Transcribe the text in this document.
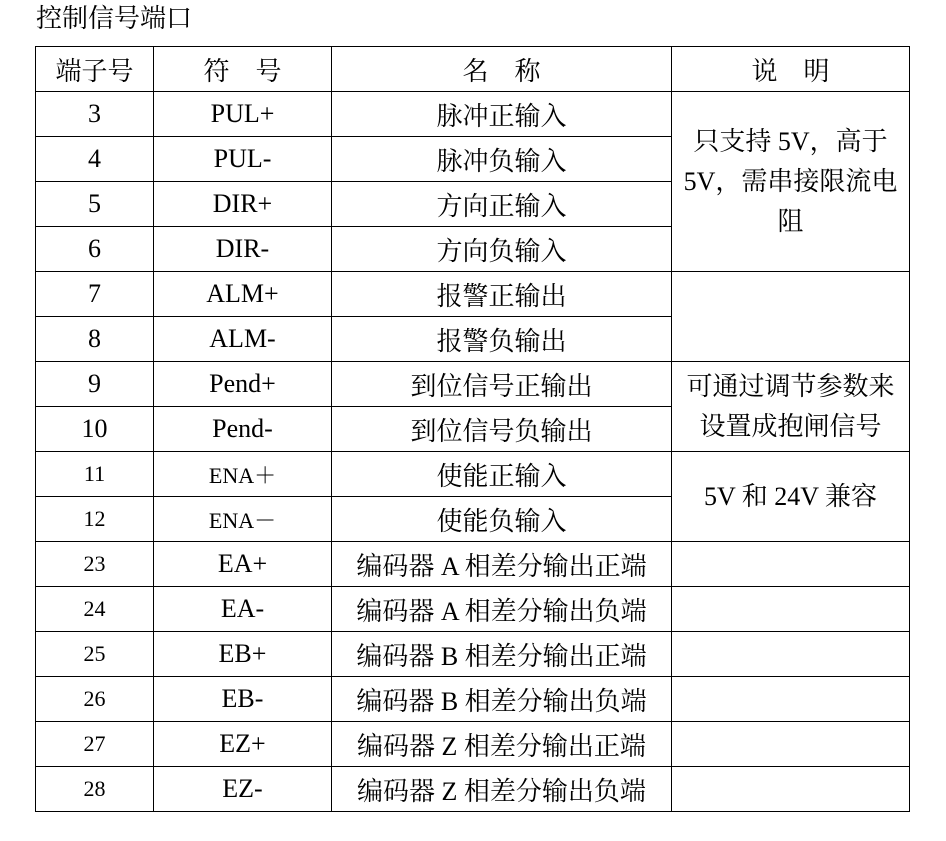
控制信号端口
端子号	符　号	名　称	说　明
3	PUL+	脉冲正输入	只支持 5V，高于 5V，需串接限流电阻
4	PUL-	脉冲负输入	
5	DIR+	方向正输入	
6	DIR-	方向负输入	
7	ALM+	报警正输出	
8	ALM-	报警负输出	
9	Pend+	到位信号正输出	可通过调节参数来设置成抱闸信号
10	Pend-	到位信号负输出	
11	ENA＋	使能正输入	5V 和 24V 兼容
12	ENA－	使能负输入	
23	EA+	编码器 A 相差分输出正端	
24	EA-	编码器 A 相差分输出负端	
25	EB+	编码器 B 相差分输出正端	
26	EB-	编码器 B 相差分输出负端	
27	EZ+	编码器 Z 相差分输出正端	
28	EZ-	编码器 Z 相差分输出负端	
